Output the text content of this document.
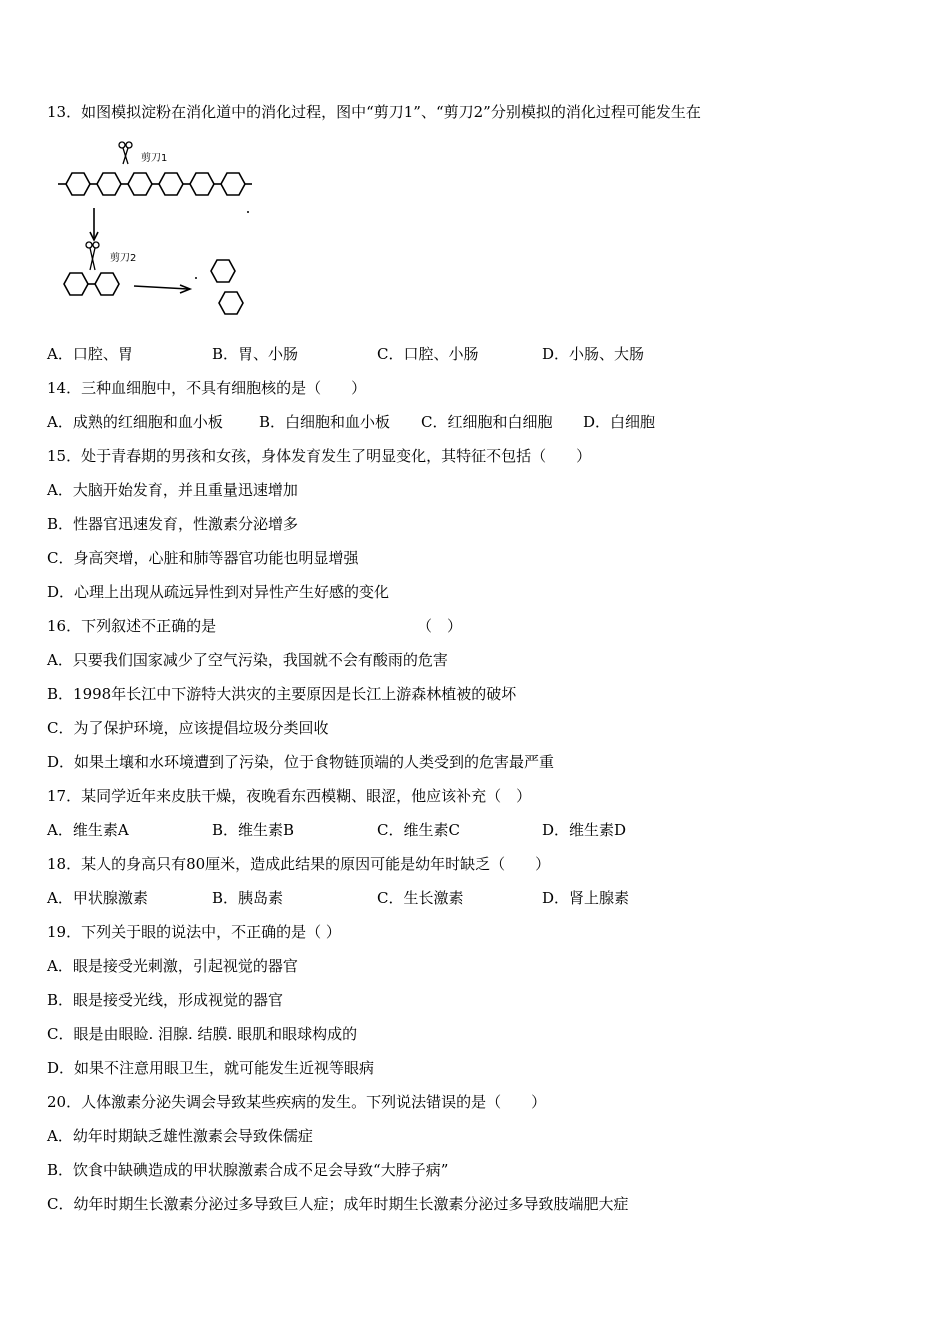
13．如图模拟淀粉在消化道中的消化过程，图中“剪刀1”、“剪刀2”分别模拟的消化过程可能发生在
剪刀1
剪刀2
A．口腔、胃	B．胃、小肠	C．口腔、小肠	D．小肠、大肠
14．三种血细胞中，不具有细胞核的是（　　）
A．成熟的红细胞和血小板 B．白细胞和血小板 C．红细胞和白细胞 D．白细胞
15．处于青春期的男孩和女孩，身体发育发生了明显变化，其特征不包括（　　）
A．大脑开始发育，并且重量迅速增加
B．性器官迅速发育，性激素分泌增多
C．身高突增，心脏和肺等器官功能也明显增强
D．心理上出现从疏远异性到对异性产生好感的变化
16．下列叙述不正确的是	（　）
A．只要我们国家减少了空气污染，我国就不会有酸雨的危害
B．1998年长江中下游特大洪灾的主要原因是长江上游森林植被的破坏
C．为了保护环境，应该提倡垃圾分类回收
D．如果土壤和水环境遭到了污染，位于食物链顶端的人类受到的危害最严重
17．某同学近年来皮肤干燥，夜晚看东西模糊、眼涩，他应该补充（　）
A．维生素A	B．维生素B	C．维生素C	D．维生素D
18．某人的身高只有80厘米，造成此结果的原因可能是幼年时缺乏（　　）
A．甲状腺激素	B．胰岛素	C．生长激素	D．肾上腺素
19．下列关于眼的说法中，不正确的是（ ）
A．眼是接受光刺激，引起视觉的器官
B．眼是接受光线，形成视觉的器官
C．眼是由眼睑. 泪腺. 结膜. 眼肌和眼球构成的
D．如果不注意用眼卫生，就可能发生近视等眼病
20．人体激素分泌失调会导致某些疾病的发生。下列说法错误的是（　　）
A．幼年时期缺乏雄性激素会导致侏儒症
B．饮食中缺碘造成的甲状腺激素合成不足会导致“大脖子病”
C．幼年时期生长激素分泌过多导致巨人症；成年时期生长激素分泌过多导致肢端肥大症
